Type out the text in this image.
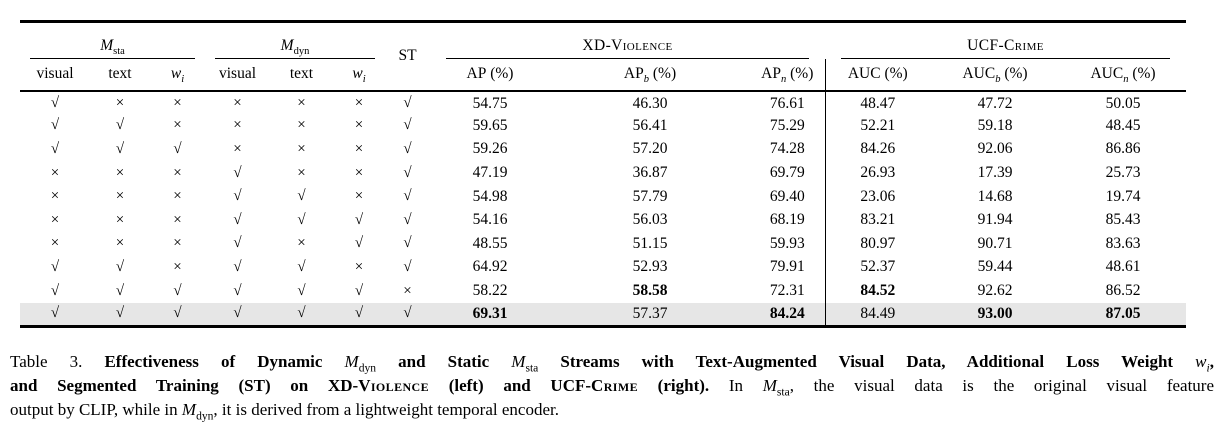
$M_{sta}$			$M_{dyn}$			ST	XD-Violence			UCF-Crime		

visual	text	$w_i$	visual	text	$w_i$		AP (%)	$AP_b$ (%)	$AP_n$ (%)	AUC (%)	$AUC_b$ (%)	$AUC_n$ (%)
√	×	×	×	×	×	√	54.75	46.30	76.61	48.47	47.72	50.05
√	√	×	×	×	×	√	59.65	56.41	75.29	52.21	59.18	48.45
√	√	√	×	×	×	√	59.26	57.20	74.28	84.26	92.06	86.86
×	×	×	√	×	×	√	47.19	36.87	69.79	26.93	17.39	25.73
×	×	×	√	√	×	√	54.98	57.79	69.40	23.06	14.68	19.74
×	×	×	√	√	√	√	54.16	56.03	68.19	83.21	91.94	85.43
×	×	×	√	×	√	√	48.55	51.15	59.93	80.97	90.71	83.63
√	√	×	√	√	×	√	64.92	52.93	79.91	52.37	59.44	48.61
√	√	√	√	√	√	×	58.22	58.58	72.31	84.52	92.62	86.52
√	√	√	√	√	√	√	69.31	57.37	84.24	84.49	93.00	87.05
Table 3. Effectiveness of Dynamic $M_{dyn}$ and Static $M_{sta}$ Streams with Text-Augmented Visual Data, Additional Loss Weight $w_i$,
and Segmented Training (ST) on XD-Violence (left) and UCF-Crime (right). In $M_{sta}$, the visual data is the original visual feature
output by CLIP, while in $M_{dyn}$, it is derived from a lightweight temporal encoder.
